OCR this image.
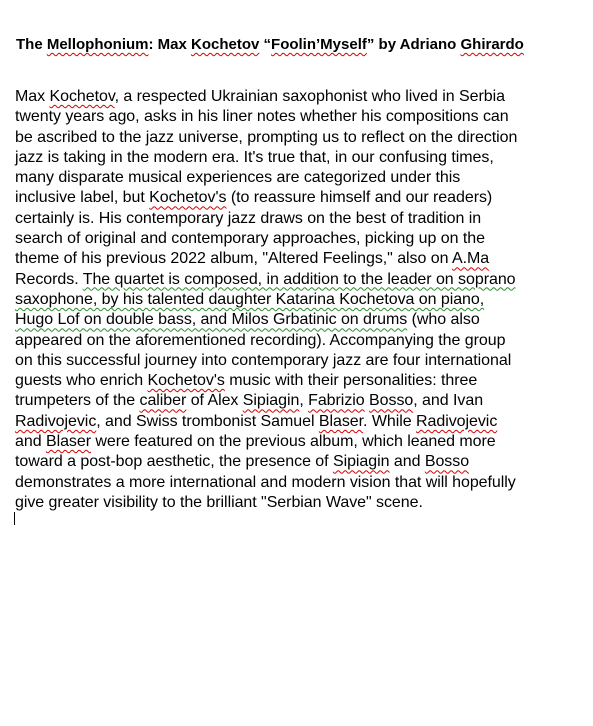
The Mellophonium: Max Kochetov “Foolin’Myself” by Adriano Ghirardo

Max Kochetov, a respected Ukrainian saxophonist who lived in Serbia
twenty years ago, asks in his liner notes whether his compositions can
be ascribed to the jazz universe, prompting us to reflect on the direction
jazz is taking in the modern era. It's true that, in our confusing times,
many disparate musical experiences are categorized under this
inclusive label, but Kochetov's (to reassure himself and our readers)
certainly is. His contemporary jazz draws on the best of tradition in
search of original and contemporary approaches, picking up on the
theme of his previous 2022 album, "Altered Feelings," also on A.Ma
Records. The quartet is composed, in addition to the leader on soprano
saxophone, by his talented daughter Katarina Kochetova on piano,
Hugo Lof on double bass, and Milos Grbatinic on drums (who also
appeared on the aforementioned recording). Accompanying the group
on this successful journey into contemporary jazz are four international
guests who enrich Kochetov's music with their personalities: three
trumpeters of the caliber of Alex Sipiagin, Fabrizio Bosso, and Ivan
Radivojevic, and Swiss trombonist Samuel Blaser. While Radivojevic
and Blaser were featured on the previous album, which leaned more
toward a post-bop aesthetic, the presence of Sipiagin and Bosso
demonstrates a more international and modern vision that will hopefully
give greater visibility to the brilliant "Serbian Wave" scene.
